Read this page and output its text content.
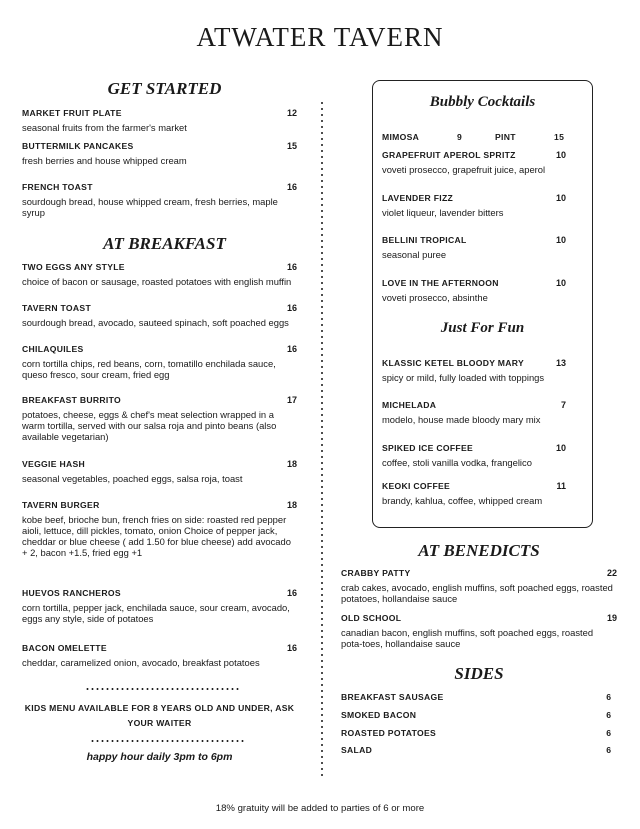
ATWATER TAVERN
GET STARTED
MARKET FRUIT PLATE	12
seasonal fruits from the farmer's market
BUTTERMILK PANCAKES	15
fresh berries and house whipped cream
FRENCH TOAST	16
sourdough bread, house whipped cream, fresh berries, maple syrup
AT BREAKFAST
TWO EGGS ANY STYLE	16
choice of bacon or sausage, roasted potatoes with english muffin
TAVERN TOAST	16
sourdough bread, avocado, sauteed spinach, soft poached eggs
CHILAQUILES	16
corn tortilla chips, red beans, corn, tomatillo enchilada sauce, queso fresco, sour cream, fried egg
BREAKFAST BURRITO	17
potatoes, cheese, eggs & chef's meat selection wrapped in a warm tortilla, served with our salsa roja and pinto beans (also available vegetarian)
VEGGIE HASH	18
seasonal vegetables, poached eggs, salsa roja, toast
TAVERN BURGER	18
kobe beef, brioche bun, french fries on side: roasted red pepper aioli, lettuce, dill pickles, tomato, onion Choice of pepper jack, cheddar or blue cheese ( add 1.50 for blue cheese) add avocado + 2, bacon +1.5, fried egg +1
HUEVOS RANCHEROS	16
corn tortilla, pepper jack, enchilada sauce, sour cream, avocado, eggs any style, side of potatoes
BACON OMELETTE	16
cheddar, caramelized onion, avocado, breakfast potatoes
KIDS MENU AVAILABLE FOR 8 YEARS OLD AND UNDER, ASK YOUR WAITER
happy hour daily 3pm to 6pm
Bubbly Cocktails
MIMOSA	9	PINT	15
GRAPEFRUIT APEROL SPRITZ	10
voveti prosecco, grapefruit juice, aperol
LAVENDER FIZZ	10
violet liqueur, lavender bitters
BELLINI TROPICAL	10
seasonal puree
LOVE IN THE AFTERNOON	10
voveti prosecco, absinthe
Just For Fun
KLASSIC KETEL BLOODY MARY	13
spicy or mild, fully loaded with toppings
MICHELADA	7
modelo, house made bloody mary mix
SPIKED ICE COFFEE	10
coffee, stoli vanilla vodka, frangelico
KEOKI COFFEE	11
brandy, kahlua, coffee, whipped cream
AT BENEDICTS
CRABBY PATTY	22
crab cakes, avocado, english muffins, soft poached eggs, roasted potatoes, hollandaise sauce
OLD SCHOOL	19
canadian bacon, english muffins, soft poached eggs, roasted pota-toes, hollandaise sauce
SIDES
BREAKFAST SAUSAGE	6
SMOKED BACON	6
ROASTED POTATOES	6
SALAD	6
18% gratuity will be added to parties of 6 or more
